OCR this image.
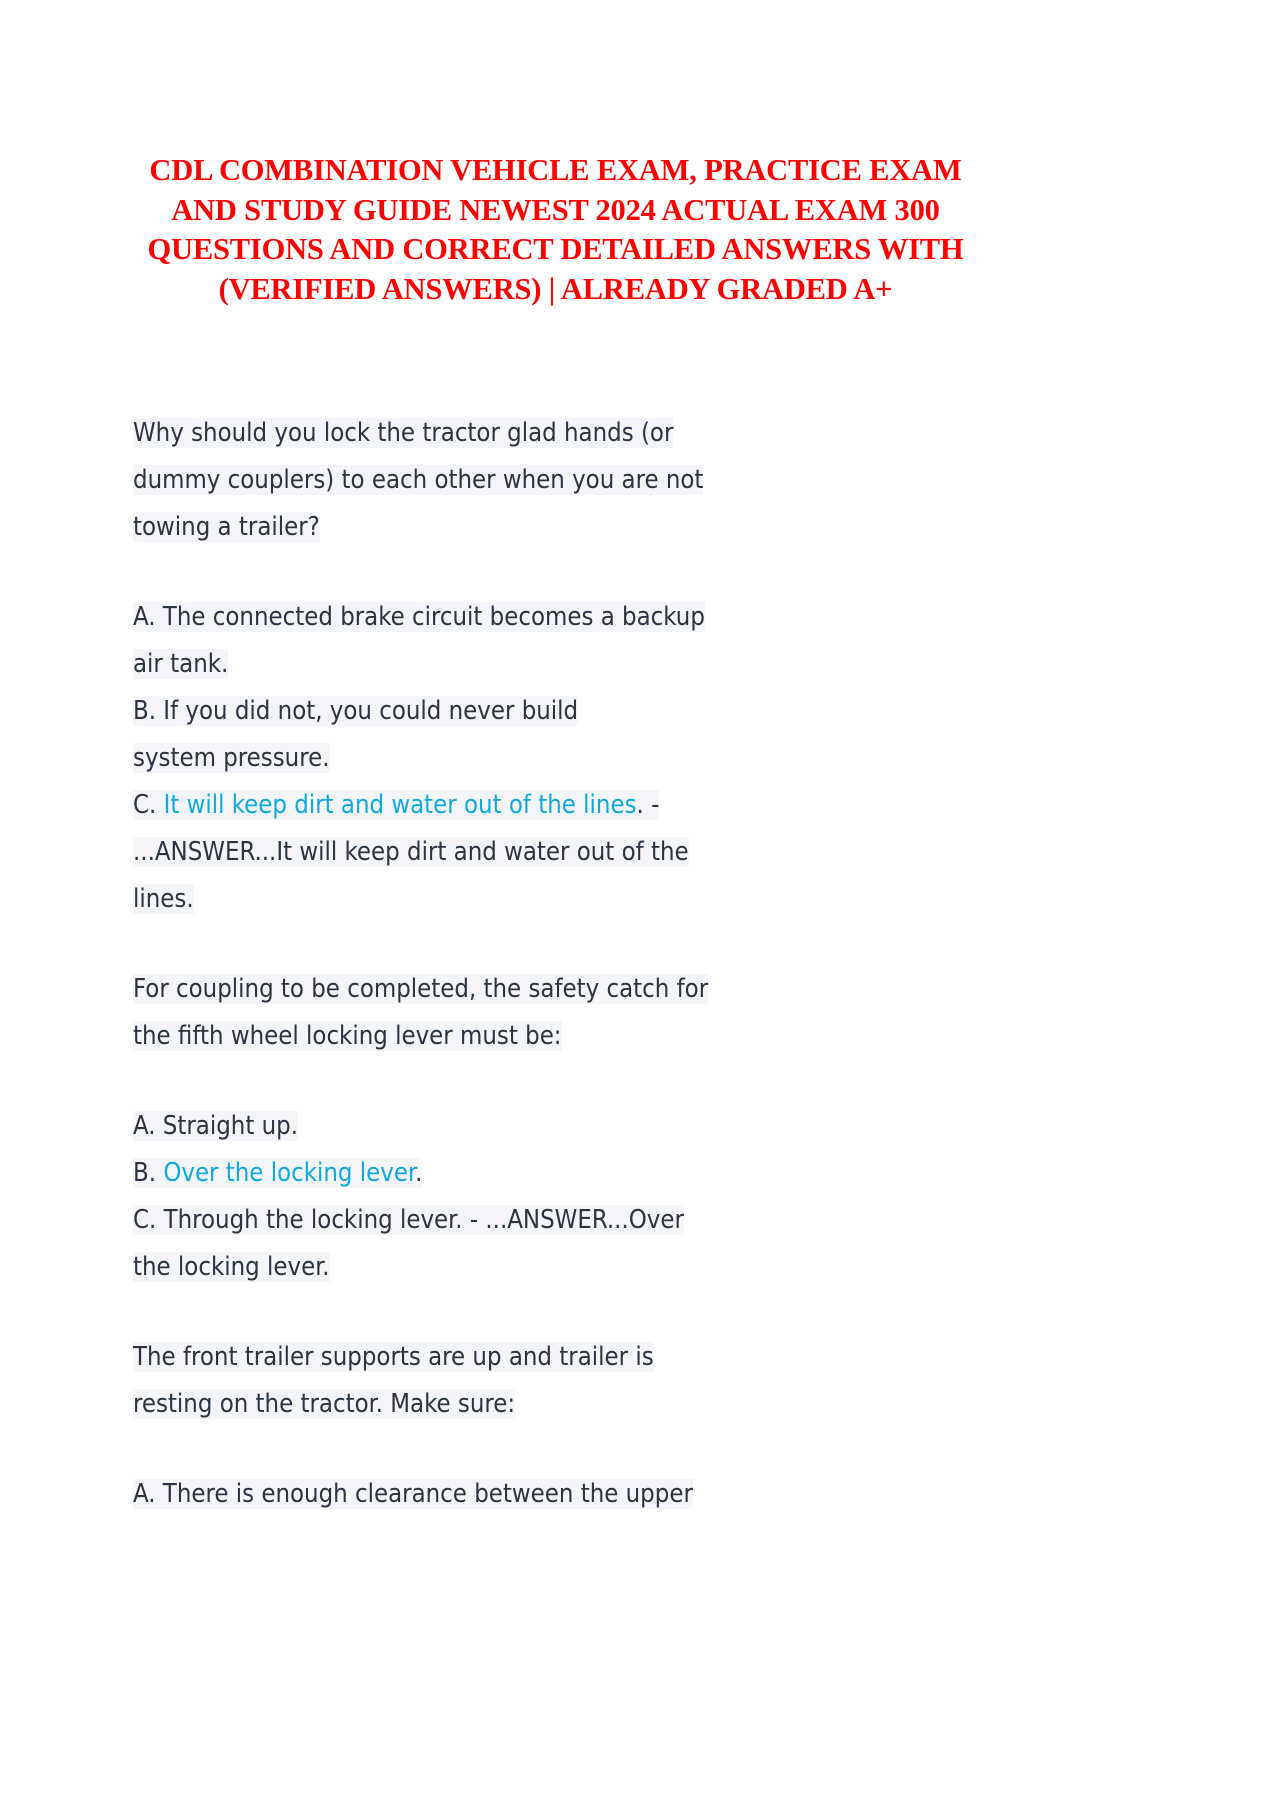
CDL COMBINATION VEHICLE EXAM, PRACTICE EXAM AND STUDY GUIDE NEWEST 2024 ACTUAL EXAM 300 QUESTIONS AND CORRECT DETAILED ANSWERS WITH (VERIFIED ANSWERS) | ALREADY GRADED A+

Why should you lock the tractor glad hands (or
dummy couplers) to each other when you are not
towing a trailer?

A. The connected brake circuit becomes a backup
air tank.
B. If you did not, you could never build
system pressure.
C. It will keep dirt and water out of the lines. -
...ANSWER...It will keep dirt and water out of the
lines.

For coupling to be completed, the safety catch for
the fifth wheel locking lever must be:

A. Straight up.
B. Over the locking lever.
C. Through the locking lever. - ...ANSWER...Over
the locking lever.

The front trailer supports are up and trailer is
resting on the tractor. Make sure:

A. There is enough clearance between the upper
